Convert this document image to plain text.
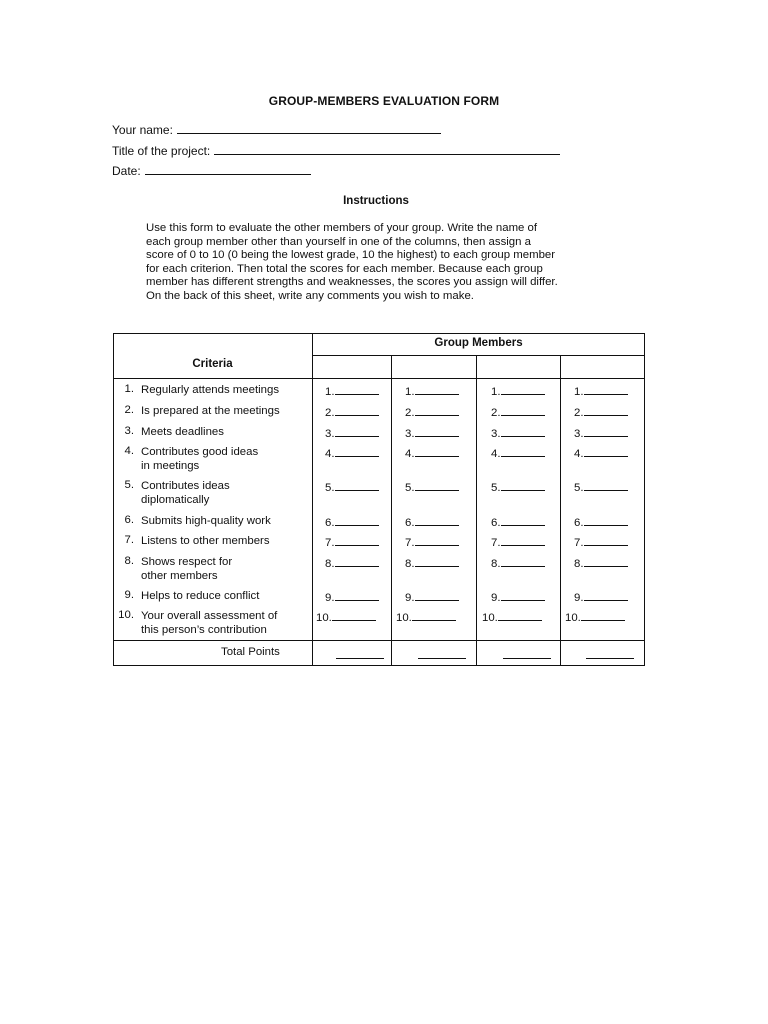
GROUP-MEMBERS EVALUATION FORM
Your name:
Title of the project:
Date:
Instructions
Use this form to evaluate the other members of your group. Write the name of
each group member other than yourself in one of the columns, then assign a
score of 0 to 10 (0 being the lowest grade, 10 the highest) to each group member
for each criterion. Then total the scores for each member. Because each group
member has different strengths and weaknesses, the scores you assign will differ.
On the back of this sheet, write any comments you wish to make.
Group Members
Criteria
1. Regularly attends meetings	1.	1.	1.	1.
2. Is prepared at the meetings	2.	2.	2.	2.
3. Meets deadlines	3.	3.	3.	3.
4. Contributes good ideas
in meetings
4.	4.	4.	4.
5. Contributes ideas
diplomatically
5.	5.	5.	5.
6. Submits high-quality work	6.	6.	6.	6.
7. Listens to other members	7.	7.	7.	7.
8. Shows respect for
other members
8.	8.	8.	8.
9. Helps to reduce conflict	9.	9.	9.	9.
10. Your overall assessment of
this person’s contribution
10.	10.	10.	10.
Total Points
